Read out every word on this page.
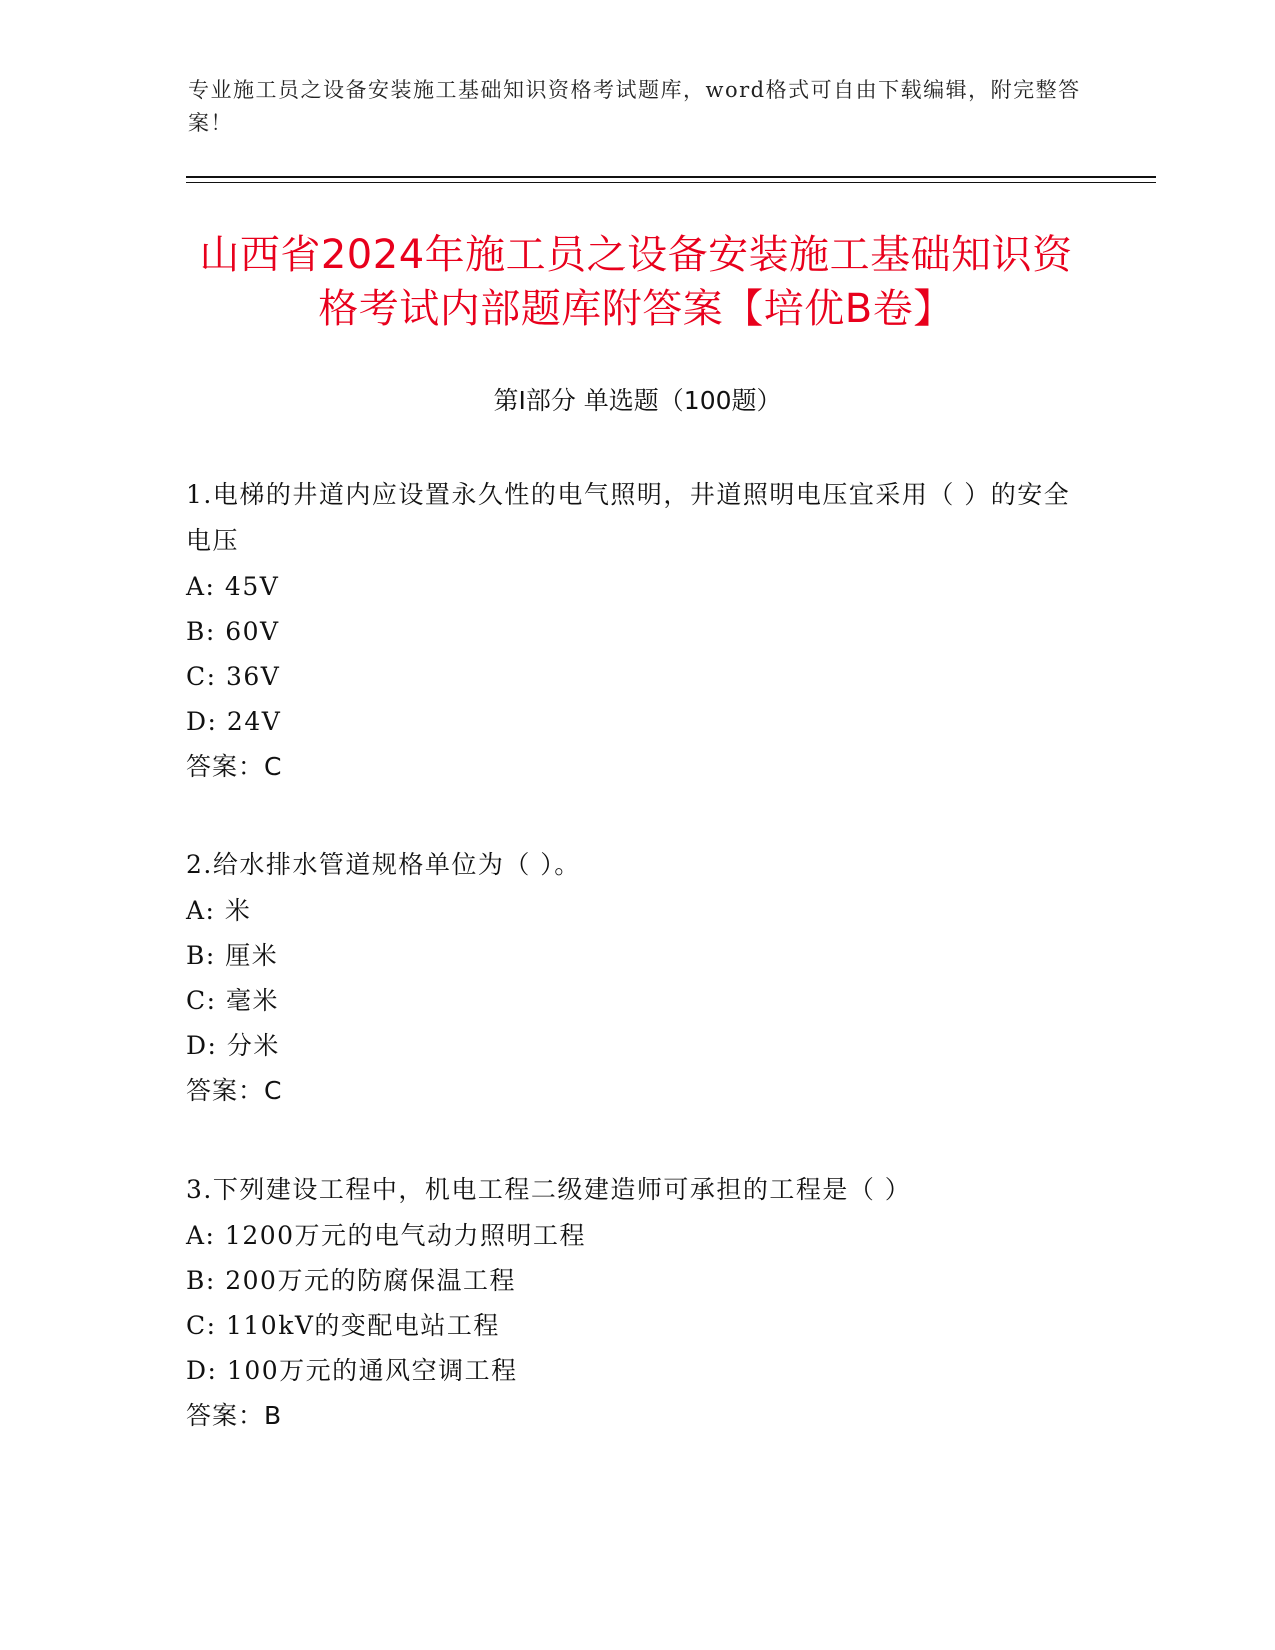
专业施工员之设备安装施工基础知识资格考试题库，word格式可自由下载编辑，附完整答案！
山西省2024年施工员之设备安装施工基础知识资格考试内部题库附答案【培优B卷】
第I部分 单选题（100题）
1.电梯的井道内应设置永久性的电气照明，井道照明电压宜采用（ ）的安全电压
A: 45V
B: 60V
C: 36V
D: 24V
答案：C
2.给水排水管道规格单位为（ ）。
A: 米
B: 厘米
C: 毫米
D: 分米
答案：C
3.下列建设工程中，机电工程二级建造师可承担的工程是（ ）
A: 1200万元的电气动力照明工程
B: 200万元的防腐保温工程
C: 110kV的变配电站工程
D: 100万元的通风空调工程
答案：B
